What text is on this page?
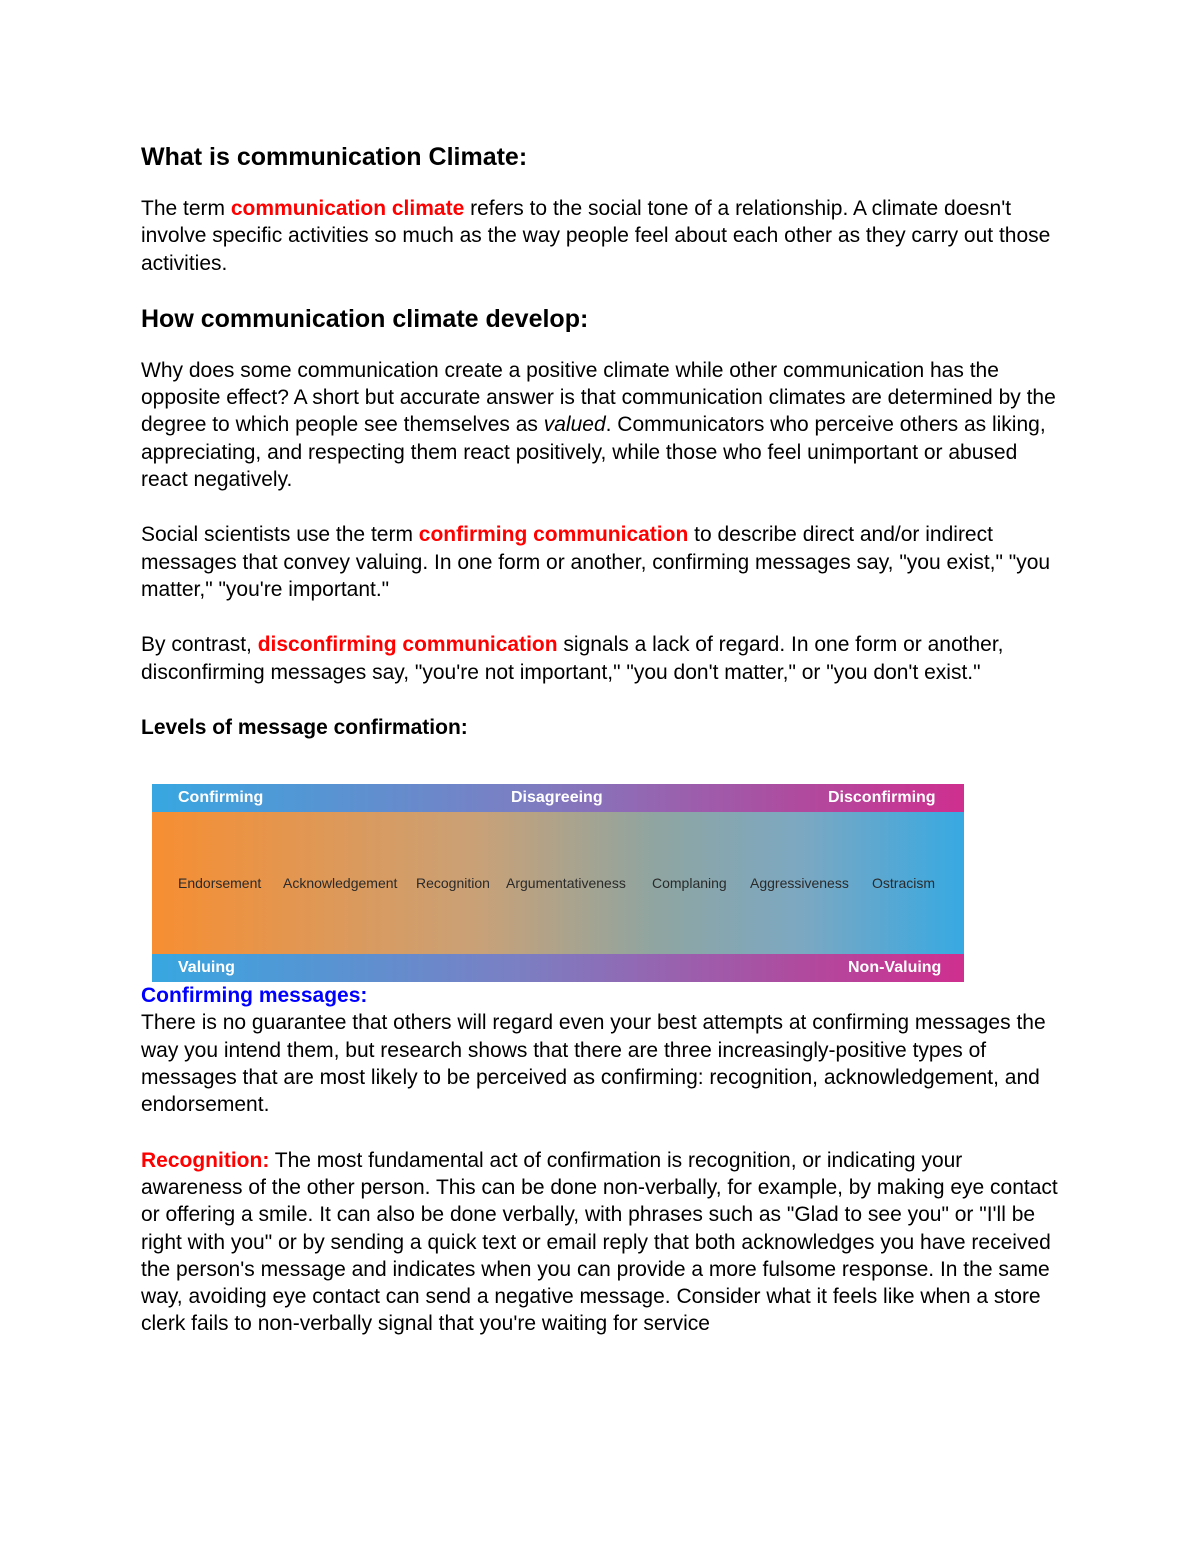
What is communication Climate:

The term communication climate refers to the social tone of a relationship. A climate doesn't involve specific activities so much as the way people feel about each other as they carry out those activities.

How communication climate develop:

Why does some communication create a positive climate while other communication has the opposite effect? A short but accurate answer is that communication climates are determined by the degree to which people see themselves as valued. Communicators who perceive others as liking, appreciating, and respecting them react positively, while those who feel unimportant or abused react negatively.

Social scientists use the term confirming communication to describe direct and/or indirect messages that convey valuing. In one form or another, confirming messages say, "you exist," "you matter," "you're important."

By contrast, disconfirming communication signals a lack of regard. In one form or another, disconfirming messages say, "you're not important," "you don't matter," or "you don't exist."

Levels of message confirmation:

Confirming messages:

There is no guarantee that others will regard even your best attempts at confirming messages the way you intend them, but research shows that there are three increasingly-positive types of messages that are most likely to be perceived as confirming: recognition, acknowledgement, and endorsement.

Recognition: The most fundamental act of confirmation is recognition, or indicating your awareness of the other person. This can be done non-verbally, for example, by making eye contact or offering a smile. It can also be done verbally, with phrases such as "Glad to see you" or "I'll be right with you" or by sending a quick text or email reply that both acknowledges you have received the person's message and indicates when you can provide a more fulsome response. In the same way, avoiding eye contact can send a negative message. Consider what it feels like when a store clerk fails to non-verbally signal that you're waiting for service

Confirming	Disagreeing	Disconfirming
Endorsement Acknowledgement Recognition Argumentativeness Complaning Aggressiveness Ostracism
Valuing	Non-Valuing
